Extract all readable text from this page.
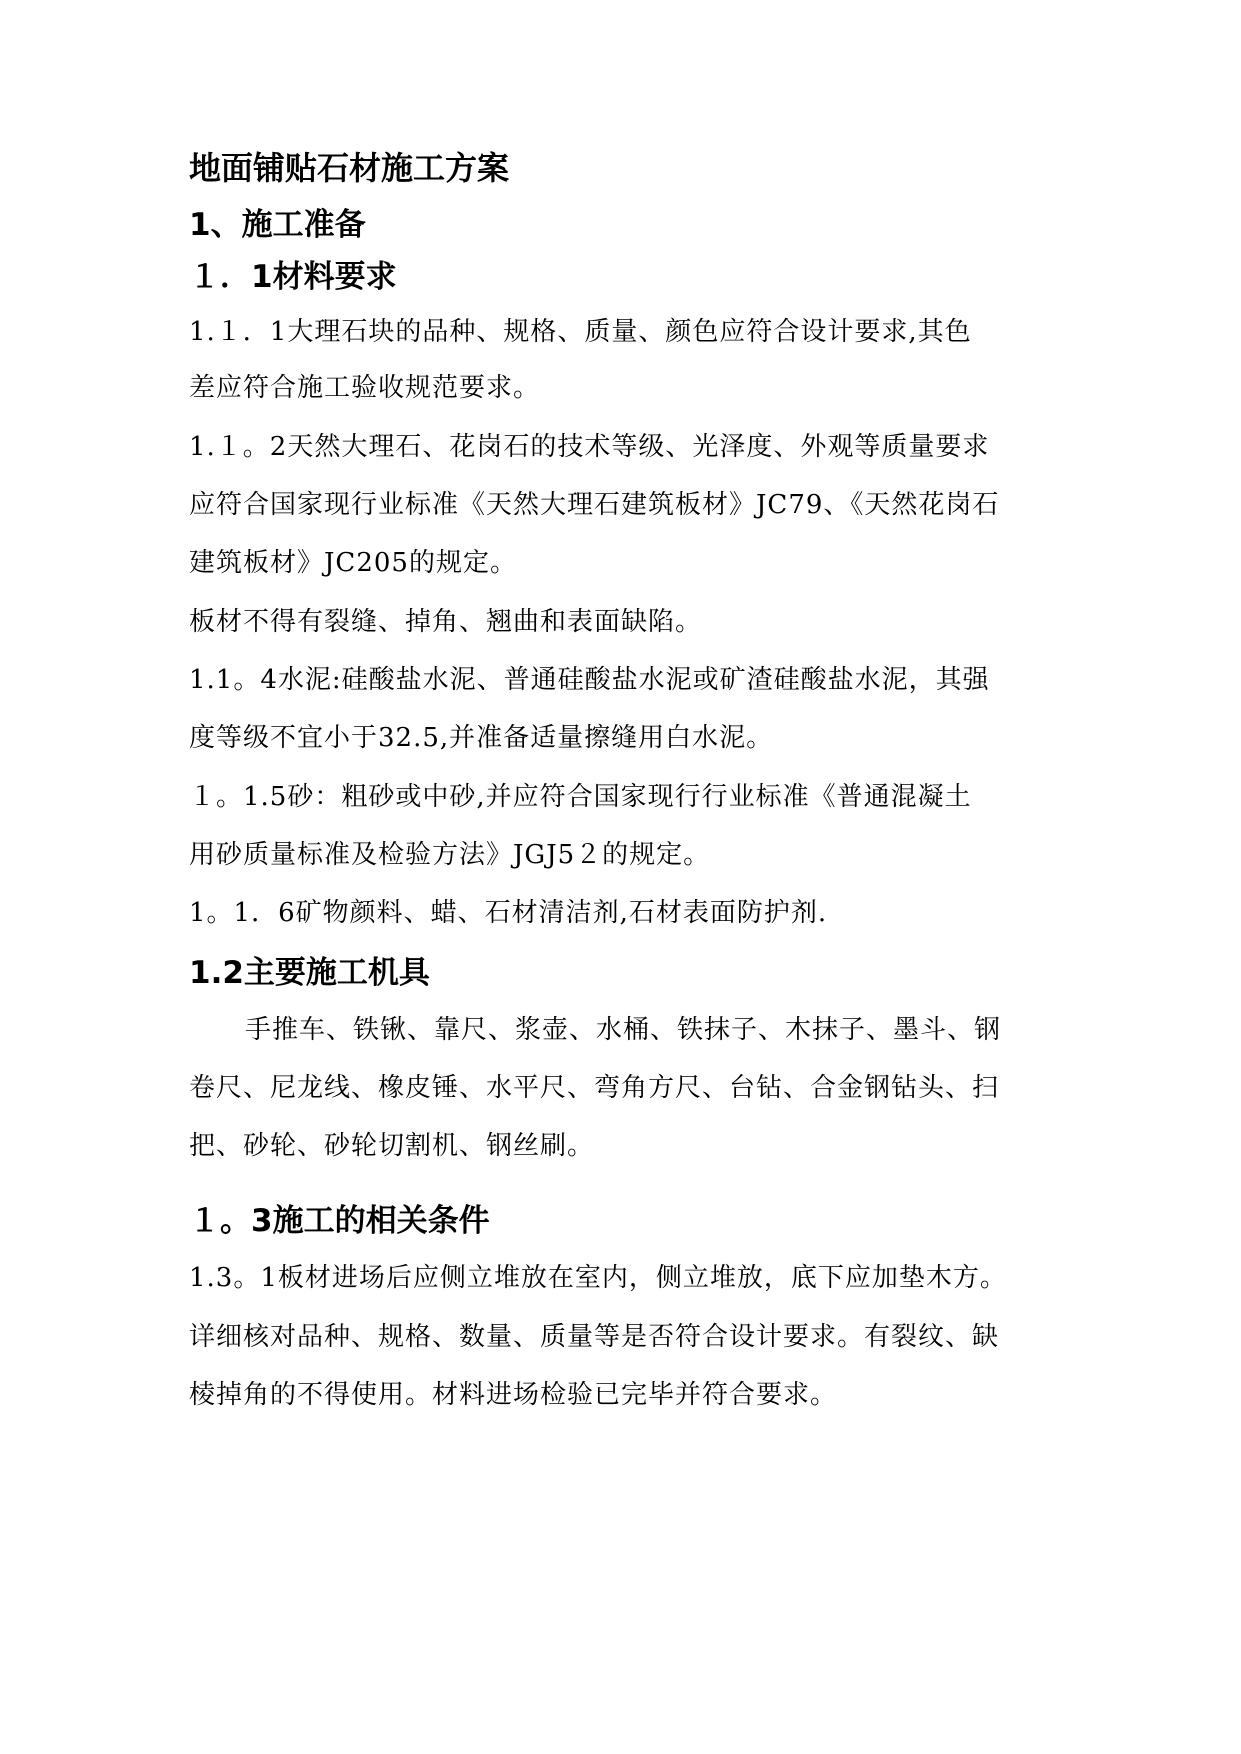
地面铺贴石材施工方案
1、施工准备
１．1材料要求
1.１．1大理石块的品种、规格、质量、颜色应符合设计要求,其色
差应符合施工验收规范要求。
1.１。2天然大理石、花岗石的技术等级、光泽度、外观等质量要求
应符合国家现行业标准《天然大理石建筑板材》JC79、《天然花岗石
建筑板材》JC205的规定。
板材不得有裂缝、掉角、翘曲和表面缺陷。
1.1。4水泥:硅酸盐水泥、普通硅酸盐水泥或矿渣硅酸盐水泥，其强
度等级不宜小于32.5,并准备适量擦缝用白水泥。
１。1.5砂：粗砂或中砂,并应符合国家现行行业标准《普通混凝土
用砂质量标准及检验方法》JGJ5２的规定。
1。1．6矿物颜料、蜡、石材清洁剂,石材表面防护剂.
1.2主要施工机具
手推车、铁锹、靠尺、浆壶、水桶、铁抹子、木抹子、墨斗、钢
卷尺、尼龙线、橡皮锤、水平尺、弯角方尺、台钻、合金钢钻头、扫
把、砂轮、砂轮切割机、钢丝刷。
１。3施工的相关条件
1.3。1板材进场后应侧立堆放在室内，侧立堆放，底下应加垫木方。
详细核对品种、规格、数量、质量等是否符合设计要求。有裂纹、缺
棱掉角的不得使用。材料进场检验已完毕并符合要求。
